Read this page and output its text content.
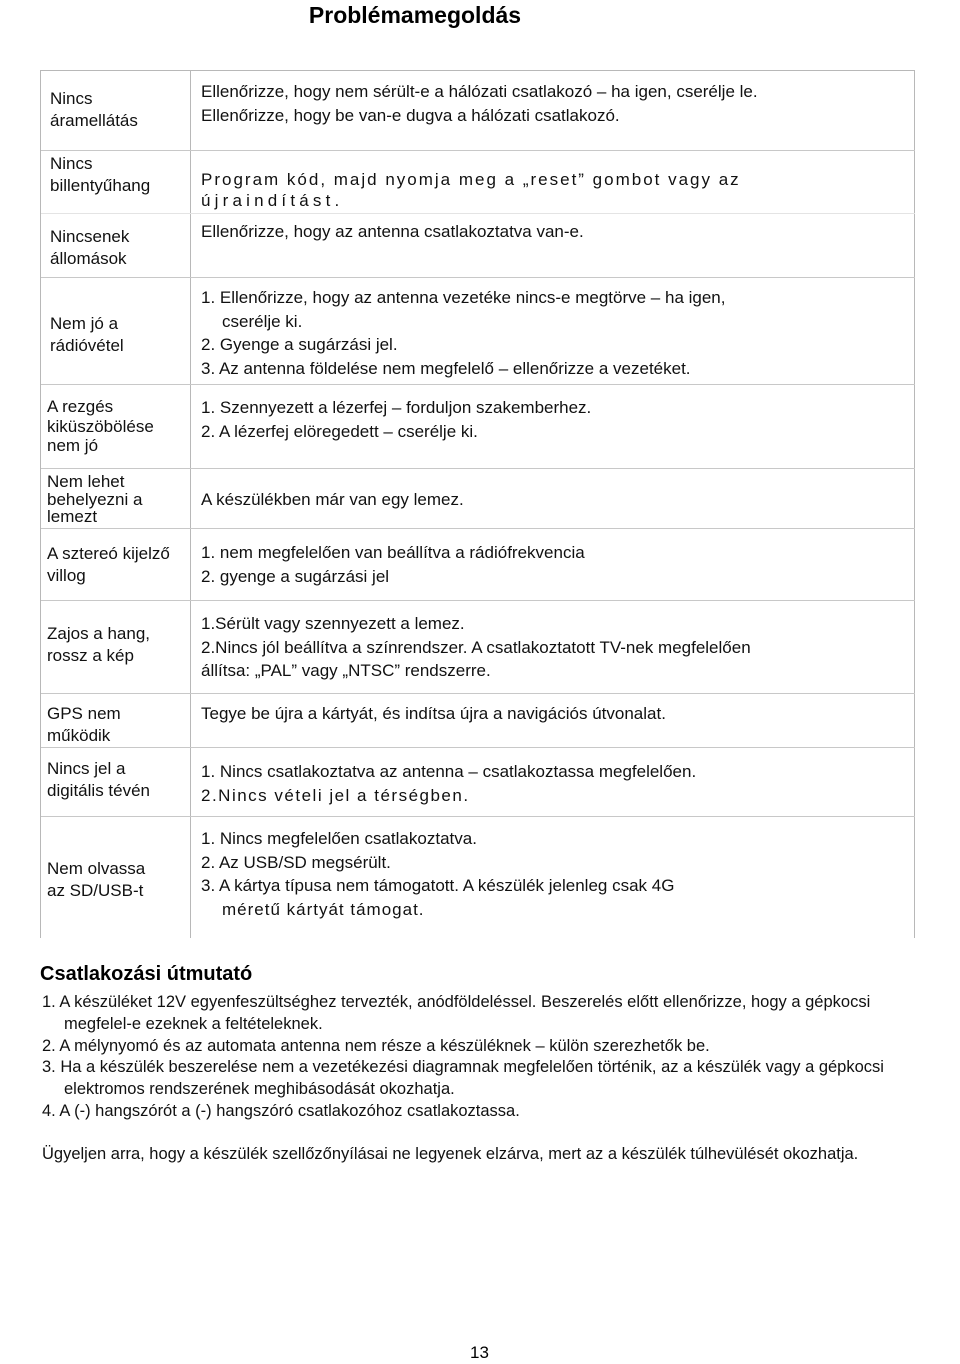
Problémamegoldás
Nincs
áramellátás
Ellenőrizze, hogy nem sérült-e a hálózati csatlakozó – ha igen, cserélje le.
Ellenőrizze, hogy be van-e dugva a hálózati csatlakozó.
Nincs
billentyűhang	Program kód, majd nyomja meg a „reset” gombot vagy az
újraindítást.
Nincsenek
állomások
Ellenőrizze, hogy az antenna csatlakoztatva van-e.
Nem jó a
rádióvétel
1. Ellenőrizze, hogy az antenna vezetéke nincs-e megtörve – ha igen,
cserélje ki.
2. Gyenge a sugárzási jel.
3. Az antenna földelése nem megfelelő – ellenőrizze a vezetéket.
A rezgés
kiküszöbölése
nem jó
1. Szennyezett a lézerfej – forduljon szakemberhez.
2. A lézerfej elöregedett – cserélje ki.
Nem lehet
behelyezni a
lemezt
A készülékben már van egy lemez.
A sztereó kijelző
villog
1. nem megfelelően van beállítva a rádiófrekvencia
2. gyenge a sugárzási jel
Zajos a hang,
rossz a kép
1.Sérült vagy szennyezett a lemez.
2.Nincs jól beállítva a színrendszer. A csatlakoztatott TV-nek megfelelően
állítsa: „PAL” vagy „NTSC” rendszerre.
GPS nem
működik
Tegye be újra a kártyát, és indítsa újra a navigációs útvonalat.
Nincs jel a
digitális tévén
1. Nincs csatlakoztatva az antenna – csatlakoztassa megfelelően.
2.Nincs vételi jel a térségben.
Nem olvassa
az SD/USB-t
1. Nincs megfelelően csatlakoztatva.
2. Az USB/SD megsérült.
3. A kártya típusa nem támogatott. A készülék jelenleg csak 4G
méretű kártyát támogat.
Csatlakozási útmutató
1. A készüléket 12V egyenfeszültséghez tervezték, anódföldeléssel. Beszerelés előtt ellenőrizze, hogy a gépkocsi megfelel-e ezeknek a feltételeknek.
2. A mélynyomó és az automata antenna nem része a készüléknek – külön szerezhetők be.
3. Ha a készülék beszerelése nem a vezetékezési diagramnak megfelelően történik, az a készülék vagy a gépkocsi elektromos rendszerének meghibásodását okozhatja.
4. A (-) hangszórót a (-) hangszóró csatlakozóhoz csatlakoztassa.
Ügyeljen arra, hogy a készülék szellőzőnyílásai ne legyenek elzárva, mert az a készülék túlhevülését okozhatja.
13
